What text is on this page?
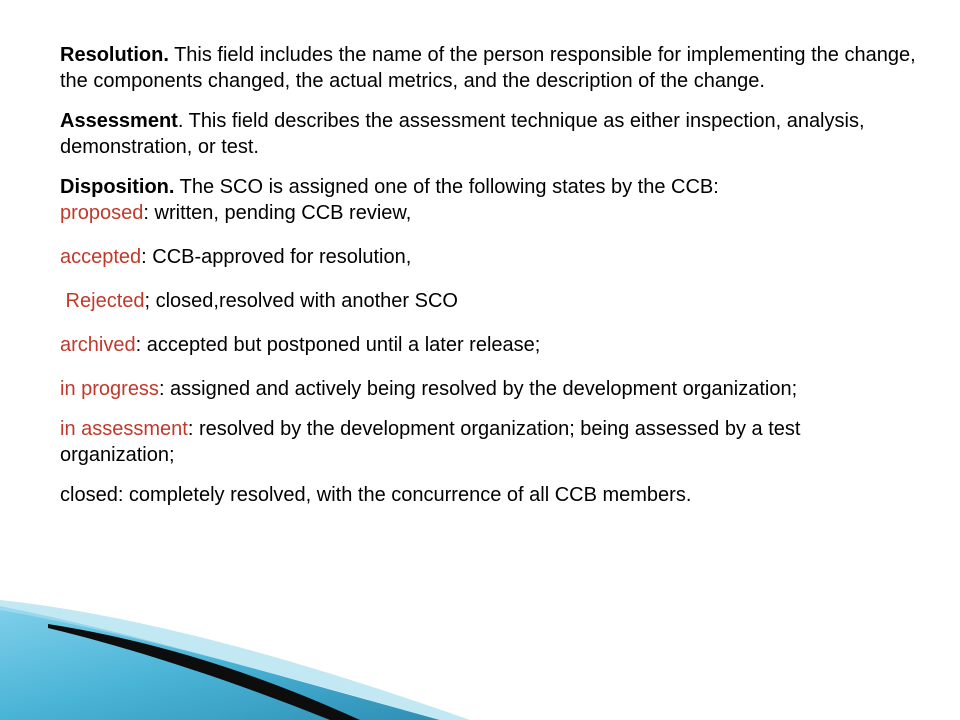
Resolution. This field includes the name of the person responsible for implementing the change, the components changed, the actual metrics, and the description of the change.

Assessment. This field describes the assessment technique as either inspection, analysis, demonstration, or test.

Disposition. The SCO is assigned one of the following states by the CCB:

proposed: written, pending CCB review,

accepted: CCB-approved for resolution,

Rejected; closed,resolved with another SCO

archived: accepted but postponed until a later release;

in progress: assigned and actively being resolved by the development organization;

in assessment: resolved by the development organization; being assessed by a test organization;

closed: completely resolved, with the concurrence of all CCB members.
